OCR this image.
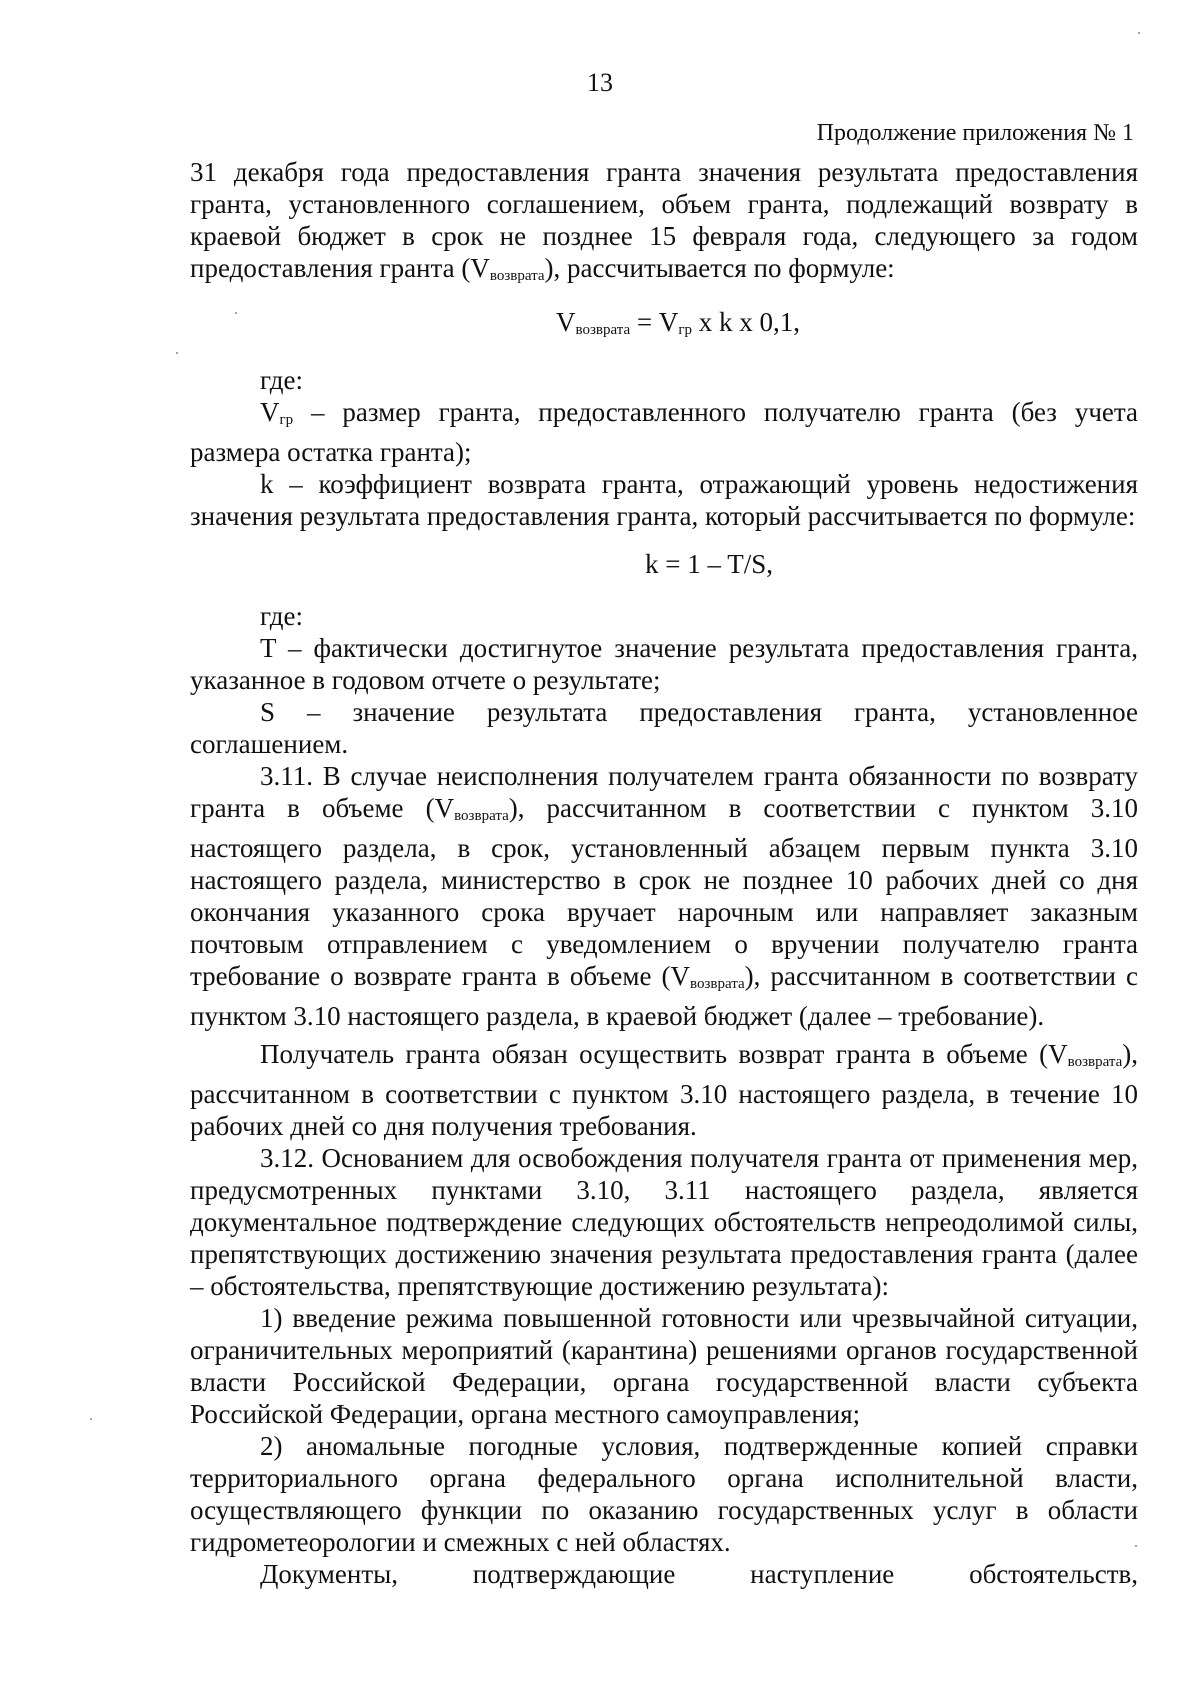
13
Продолжение приложения № 1

31 декабря года предоставления гранта значения результата предоставления гранта, установленного соглашением, объем гранта, подлежащий возврату в краевой бюджет в срок не позднее 15 февраля года, следующего за годом предоставления гранта $(V_{возврата})$, рассчитывается по формуле:

$V_{возврата} = V_{гр}$ x k x 0,1,

где:

$V_{гр}$ – размер гранта, предоставленного получателю гранта (без учета размера остатка гранта);

k – коэффициент возврата гранта, отражающий уровень недостижения значения результата предоставления гранта, который рассчитывается по формуле:

k = 1 – T/S,

где:

T – фактически достигнутое значение результата предоставления гранта, указанное в годовом отчете о результате;

S – значение результата предоставления гранта, установленное соглашением.

3.11. В случае неисполнения получателем гранта обязанности по возврату гранта в объеме $(V_{возврата})$, рассчитанном в соответствии с пунктом 3.10 настоящего раздела, в срок, установленный абзацем первым пункта 3.10 настоящего раздела, министерство в срок не позднее 10 рабочих дней со дня окончания указанного срока вручает нарочным или направляет заказным почтовым отправлением с уведомлением о вручении получателю гранта требование о возврате гранта в объеме $(V_{возврата})$, рассчитанном в соответствии с пунктом 3.10 настоящего раздела, в краевой бюджет (далее – требование).

Получатель гранта обязан осуществить возврат гранта в объеме $(V_{возврата})$, рассчитанном в соответствии с пунктом 3.10 настоящего раздела, в течение 10 рабочих дней со дня получения требования.

3.12. Основанием для освобождения получателя гранта от применения мер, предусмотренных пунктами 3.10, 3.11 настоящего раздела, является документальное подтверждение следующих обстоятельств непреодолимой силы, препятствующих достижению значения результата предоставления гранта (далее – обстоятельства, препятствующие достижению результата):

1) введение режима повышенной готовности или чрезвычайной ситуации, ограничительных мероприятий (карантина) решениями органов государственной власти Российской Федерации, органа государственной власти субъекта Российской Федерации, органа местного самоуправления;

2) аномальные погодные условия, подтвержденные копией справки территориального органа федерального органа исполнительной власти, осуществляющего функции по оказанию государственных услуг в области гидрометеорологии и смежных с ней областях.

Документы, подтверждающие наступление обстоятельств,
